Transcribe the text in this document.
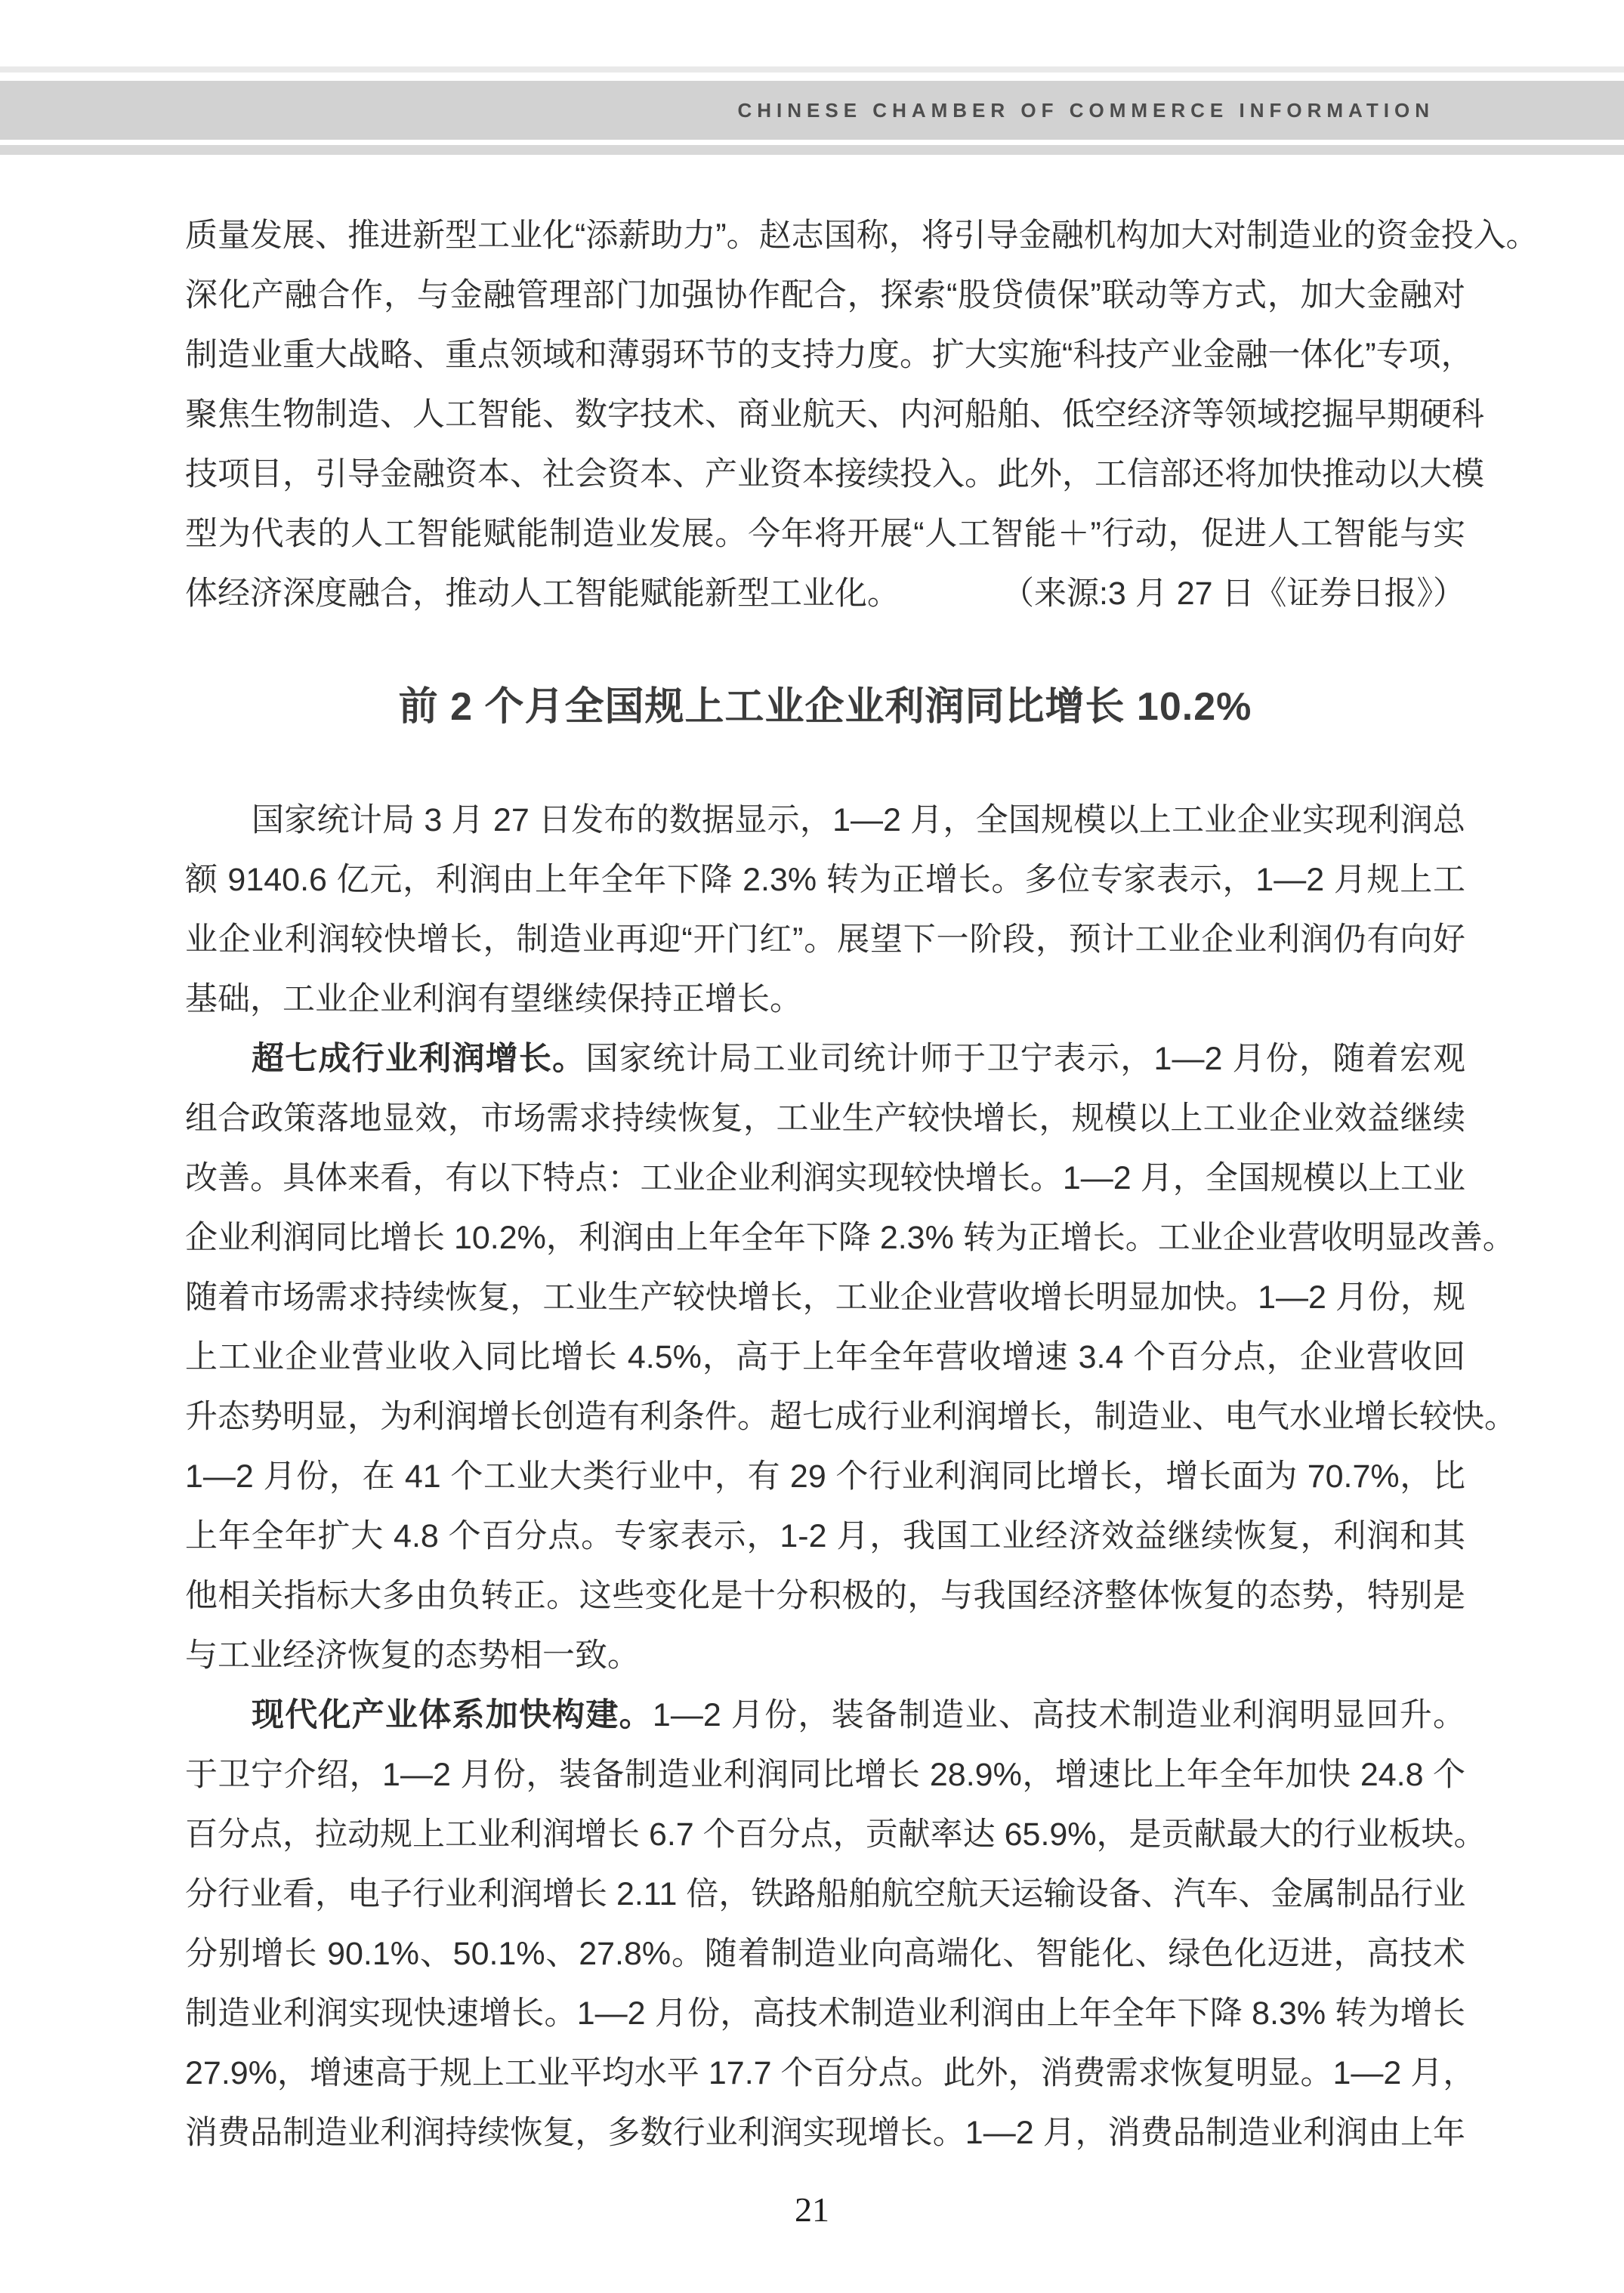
CHINESE CHAMBER OF COMMERCE INFORMATION
质量发展、推进新型工业化“添薪助力”。赵志国称，将引导金融机构加大对制造业的资金投入。
深化产融合作，与金融管理部门加强协作配合，探索“股贷债保”联动等方式，加大金融对
制造业重大战略、重点领域和薄弱环节的支持力度。扩大实施“科技产业金融一体化”专项，
聚焦生物制造、人工智能、数字技术、商业航天、内河船舶、低空经济等领域挖掘早期硬科
技项目，引导金融资本、社会资本、产业资本接续投入。此外，工信部还将加快推动以大模
型为代表的人工智能赋能制造业发展。今年将开展“人工智能＋”行动，促进人工智能与实
体经济深度融合，推动人工智能赋能新型工业化。	（来源:3 月 27 日《证券日报》）
前 2 个月全国规上工业企业利润同比增长 10.2%
国家统计局 3 月 27 日发布的数据显示，1—2 月，全国规模以上工业企业实现利润总
额 9140.6 亿元，利润由上年全年下降 2.3% 转为正增长。多位专家表示，1—2 月规上工
业企业利润较快增长，制造业再迎“开门红”。展望下一阶段，预计工业企业利润仍有向好
基础，工业企业利润有望继续保持正增长。
超七成行业利润增长。国家统计局工业司统计师于卫宁表示，1—2 月份，随着宏观
组合政策落地显效，市场需求持续恢复，工业生产较快增长，规模以上工业企业效益继续
改善。具体来看，有以下特点：工业企业利润实现较快增长。1—2 月，全国规模以上工业
企业利润同比增长 10.2%，利润由上年全年下降 2.3% 转为正增长。工业企业营收明显改善。
随着市场需求持续恢复，工业生产较快增长，工业企业营收增长明显加快。1—2 月份，规
上工业企业营业收入同比增长 4.5%，高于上年全年营收增速 3.4 个百分点，企业营收回
升态势明显，为利润增长创造有利条件。超七成行业利润增长，制造业、电气水业增长较快。
1—2 月份，在 41 个工业大类行业中，有 29 个行业利润同比增长，增长面为 70.7%，比
上年全年扩大 4.8 个百分点。专家表示，1-2 月，我国工业经济效益继续恢复，利润和其
他相关指标大多由负转正。这些变化是十分积极的，与我国经济整体恢复的态势，特别是
与工业经济恢复的态势相一致。
现代化产业体系加快构建。1—2 月份，装备制造业、高技术制造业利润明显回升。
于卫宁介绍，1—2 月份，装备制造业利润同比增长 28.9%，增速比上年全年加快 24.8 个
百分点，拉动规上工业利润增长 6.7 个百分点，贡献率达 65.9%，是贡献最大的行业板块。
分行业看，电子行业利润增长 2.11 倍，铁路船舶航空航天运输设备、汽车、金属制品行业
分别增长 90.1%、50.1%、27.8%。随着制造业向高端化、智能化、绿色化迈进，高技术
制造业利润实现快速增长。1—2 月份，高技术制造业利润由上年全年下降 8.3% 转为增长
27.9%，增速高于规上工业平均水平 17.7 个百分点。此外，消费需求恢复明显。1—2 月，
消费品制造业利润持续恢复，多数行业利润实现增长。1—2 月，消费品制造业利润由上年
21
